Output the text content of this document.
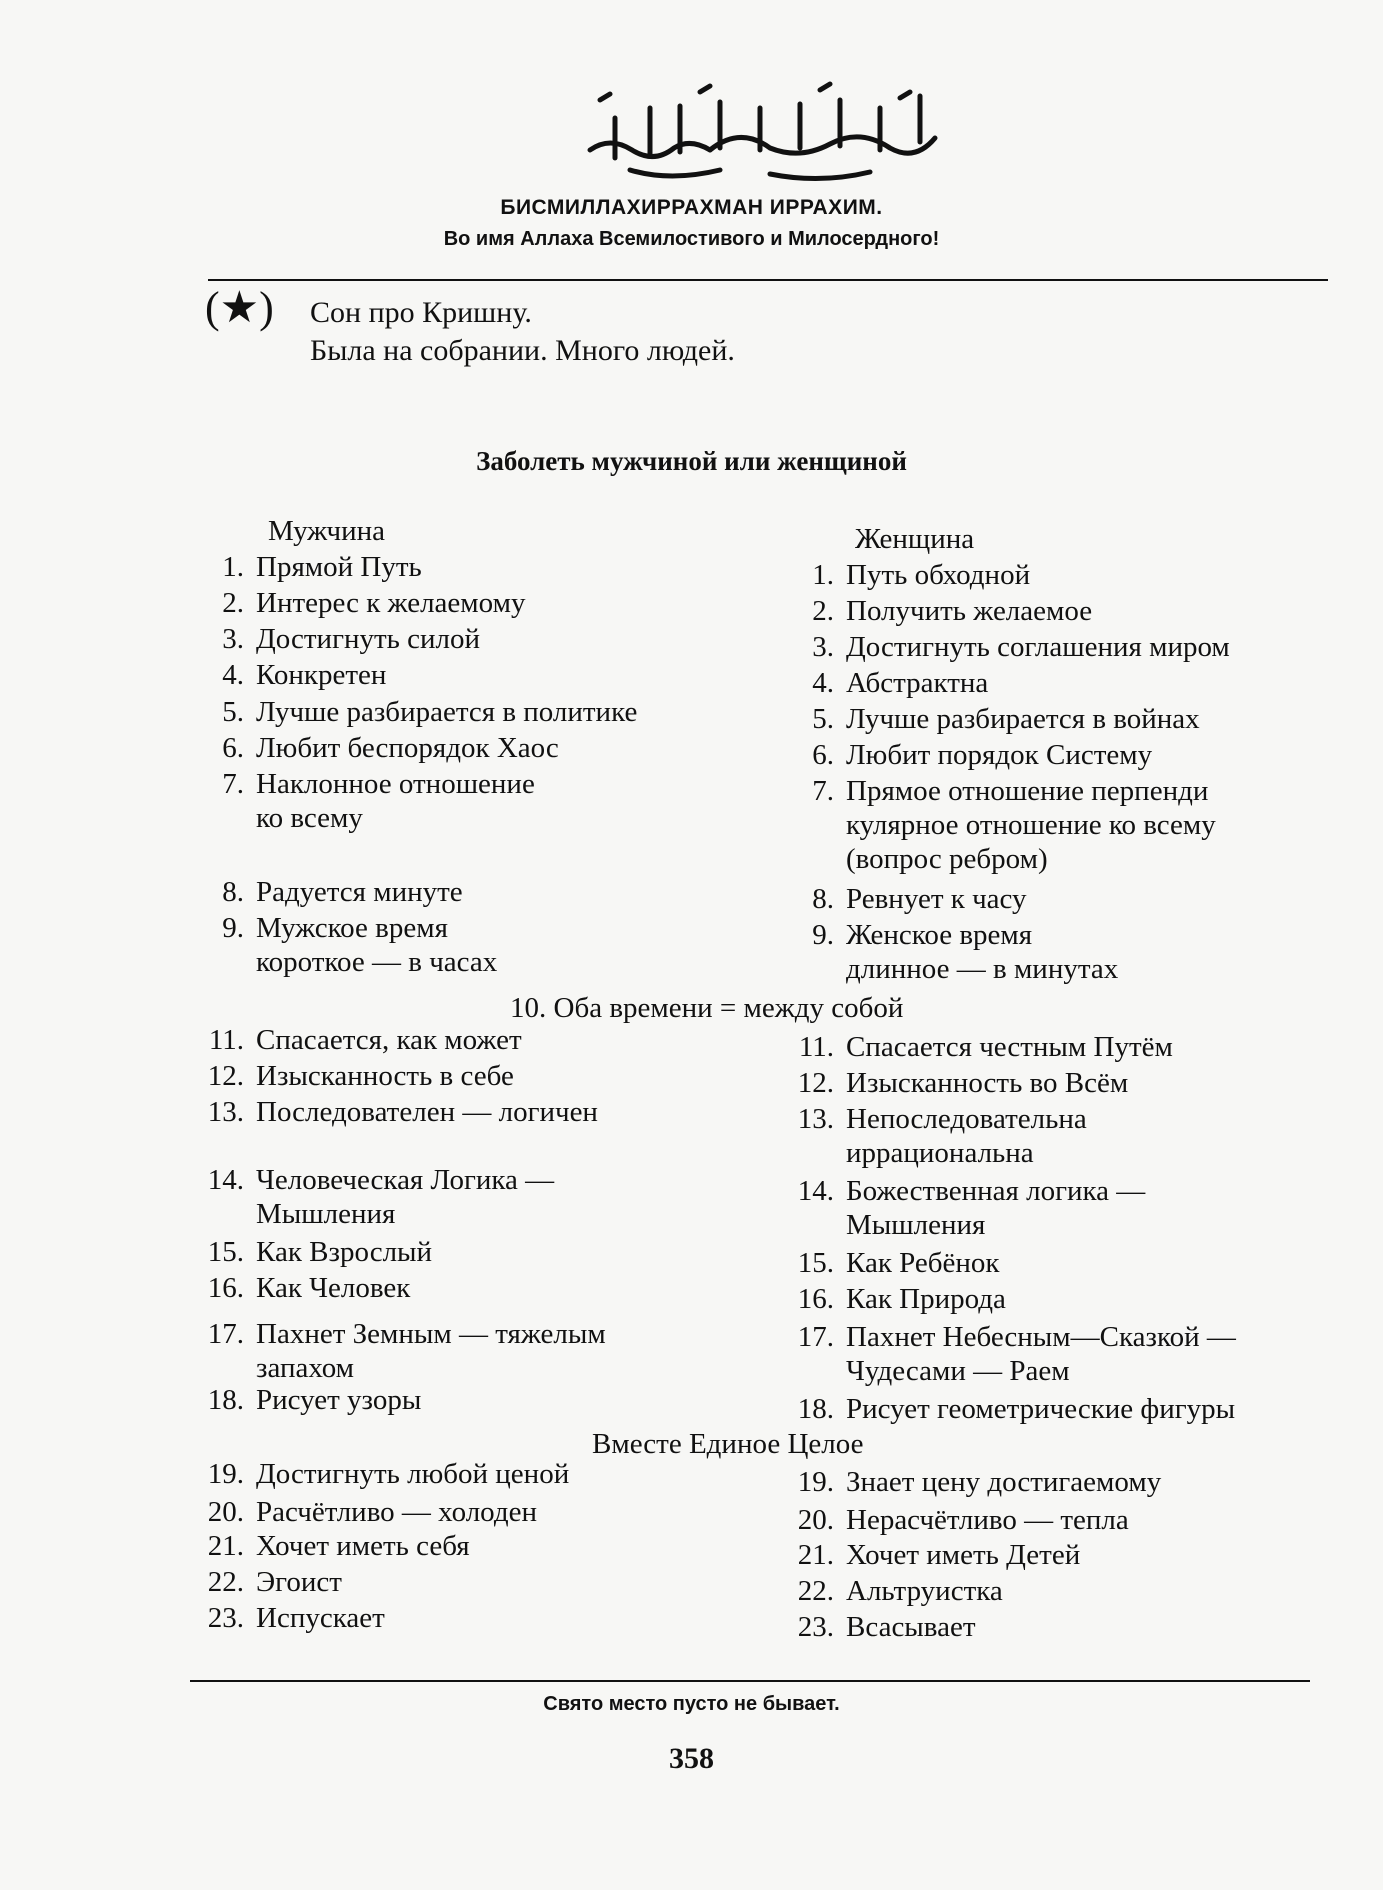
БИСМИЛЛАХИРРАХМАН ИРРАХИМ.
Во имя Аллаха Всемилостивого и Милосердного!
(★) Сон про Кришну.
Была на собрании. Много людей.
Заболеть мужчиной или женщиной
Мужчина	Женщина
1. Прямой Путь
2. Интерес к желаемому
3. Достигнуть силой
4. Конкретен
5. Лучше разбирается в политике
6. Любит беспорядок Хаос
7. Наклонное отношение
ко всему
8. Радуется минуте
9. Мужское время
короткое — в часах
11. Спасается, как может
12. Изысканность в себе
13. Последователен — логичен
14. Человеческая Логика —
Мышления
15. Как Взрослый
16. Как Человек
17. Пахнет Земным — тяжелым
запахом
18. Рисует узоры
19. Достигнуть любой ценой
20. Расчётливо — холоден
21. Хочет иметь себя
22. Эгоист
23. Испускает
1. Путь обходной
2. Получить желаемое
3. Достигнуть соглашения миром
4. Абстрактна
5. Лучше разбирается в войнах
6. Любит порядок Систему
7. Прямое отношение перпенди
кулярное отношение ко всему
(вопрос ребром)
8. Ревнует к часу
9. Женское время
длинное — в минутах
11. Спасается честным Путём
12. Изысканность во Всём
13. Непоследовательна
иррациональна
14. Божественная логика —
Мышления
15. Как Ребёнок
16. Как Природа
17. Пахнет Небесным—Сказкой —
Чудесами — Раем
18. Рисует геометрические фигуры
19. Знает цену достигаемому
20. Нерасчётливо — тепла
21. Хочет иметь Детей
22. Альтруистка
23. Всасывает
10. Оба времени = между собой
Вместе Единое Целое
Свято место пусто не бывает.
358
